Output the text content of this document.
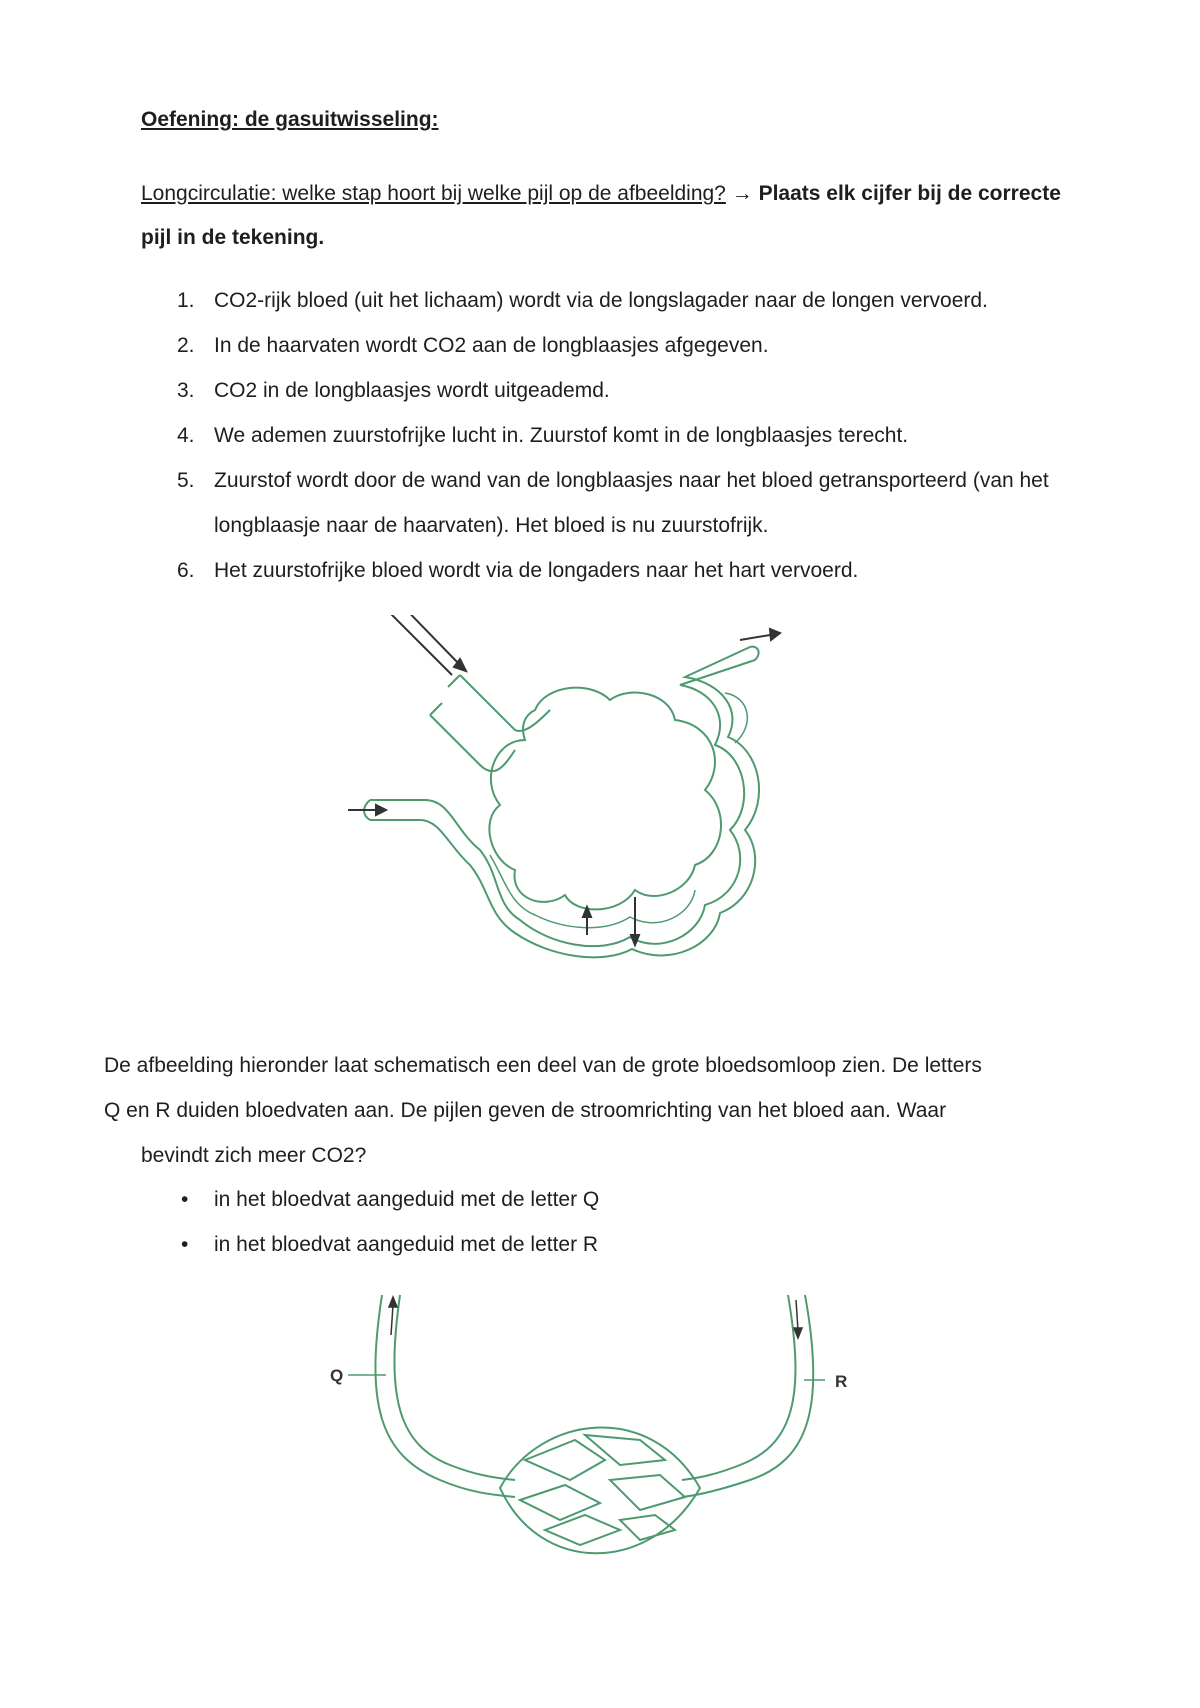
Oefening: de gasuitwisseling:
Longcirculatie: welke stap hoort bij welke pijl op de afbeelding? → Plaats elk cijfer bij de correcte pijl in de tekening.
1. CO2-rijk bloed (uit het lichaam) wordt via de longslagader naar de longen vervoerd.
2. In de haarvaten wordt CO2 aan de longblaasjes afgegeven.
3. CO2 in de longblaasjes wordt uitgeademd.
4. We ademen zuurstofrijke lucht in. Zuurstof komt in de longblaasjes terecht.
5. Zuurstof wordt door de wand van de longblaasjes naar het bloed getransporteerd (van het longblaasje naar de haarvaten). Het bloed is nu zuurstofrijk.
6. Het zuurstofrijke bloed wordt via de longaders naar het hart vervoerd.
De afbeelding hieronder laat schematisch een deel van de grote bloedsomloop zien. De letters
Q en R duiden bloedvaten aan. De pijlen geven de stroomrichting van het bloed aan. Waar
bevindt zich meer CO2?
• in het bloedvat aangeduid met de letter Q
• in het bloedvat aangeduid met de letter R
Q	R
